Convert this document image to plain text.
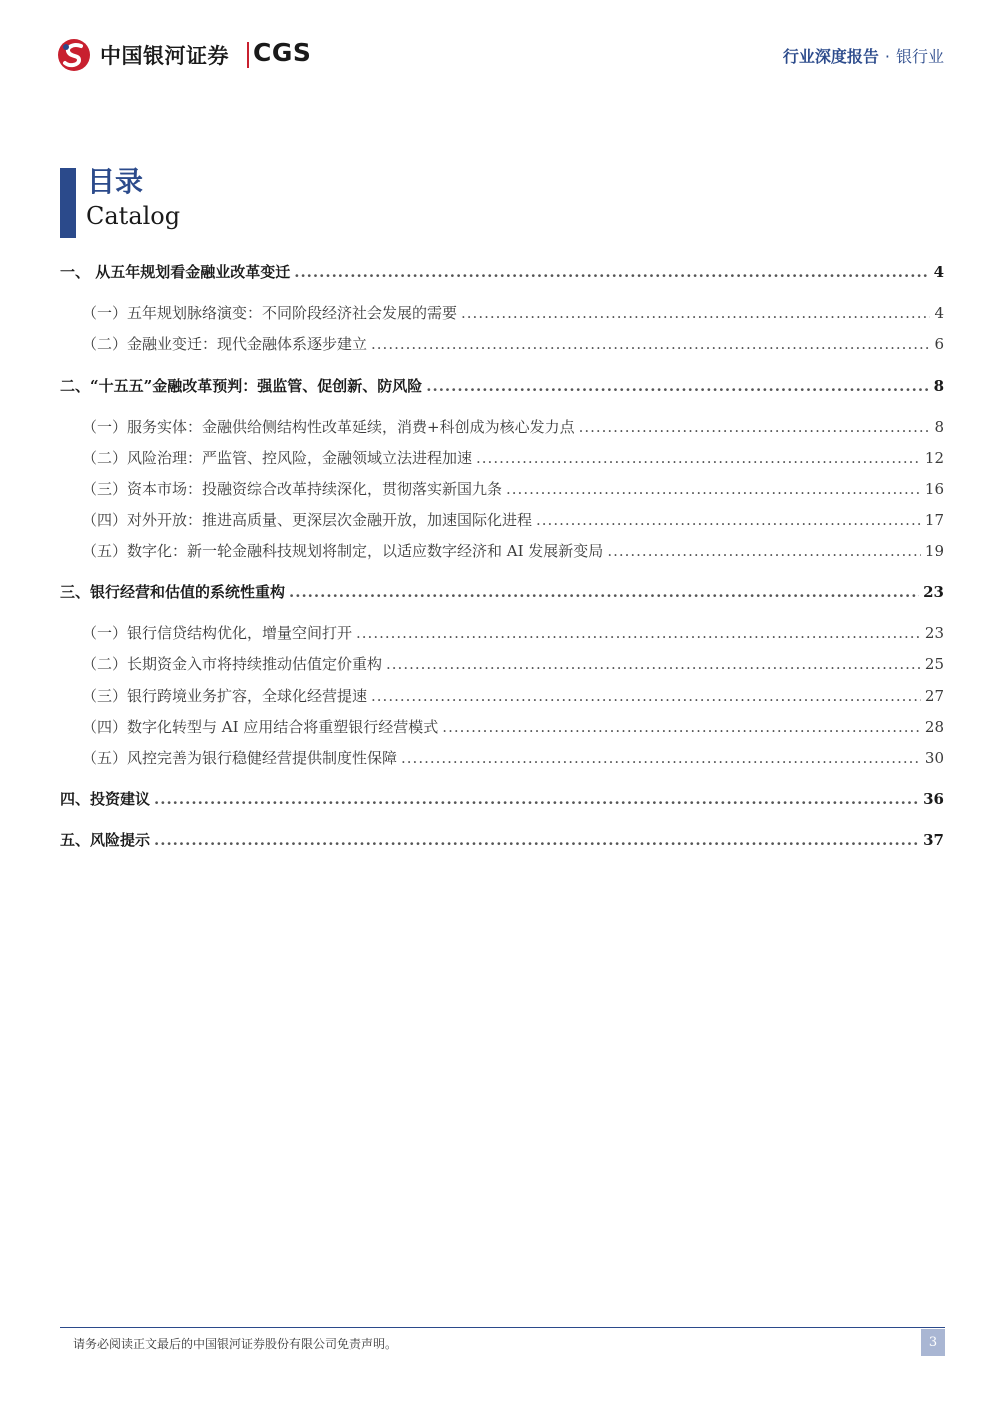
中国银河证券 CGS	行业深度报告 · 银行业
目录
Catalog
一、 从五年规划看金融业改革变迁 .....	4
（一）五年规划脉络演变：不同阶段经济社会发展的需要 .....	4
（二）金融业变迁：现代金融体系逐步建立 .....	6
二、“十五五”金融改革预判：强监管、促创新、防风险 .....	8
（一）服务实体：金融供给侧结构性改革延续，消费+科创成为核心发力点 .....	8
（二）风险治理：严监管、控风险，金融领域立法进程加速 .....	12
（三）资本市场：投融资综合改革持续深化，贯彻落实新国九条 .....	16
（四）对外开放：推进高质量、更深层次金融开放，加速国际化进程 .....	17
（五）数字化：新一轮金融科技规划将制定，以适应数字经济和 AI 发展新变局 .....	19
三、银行经营和估值的系统性重构 .....	23
（一）银行信贷结构优化，增量空间打开 .....	23
（二）长期资金入市将持续推动估值定价重构 .....	25
（三）银行跨境业务扩容，全球化经营提速 .....	27
（四）数字化转型与 AI 应用结合将重塑银行经营模式 .....	28
（五）风控完善为银行稳健经营提供制度性保障 .....	30
四、投资建议 .....	36
五、风险提示 .....	37
请务必阅读正文最后的中国银河证券股份有限公司免责声明。	3
